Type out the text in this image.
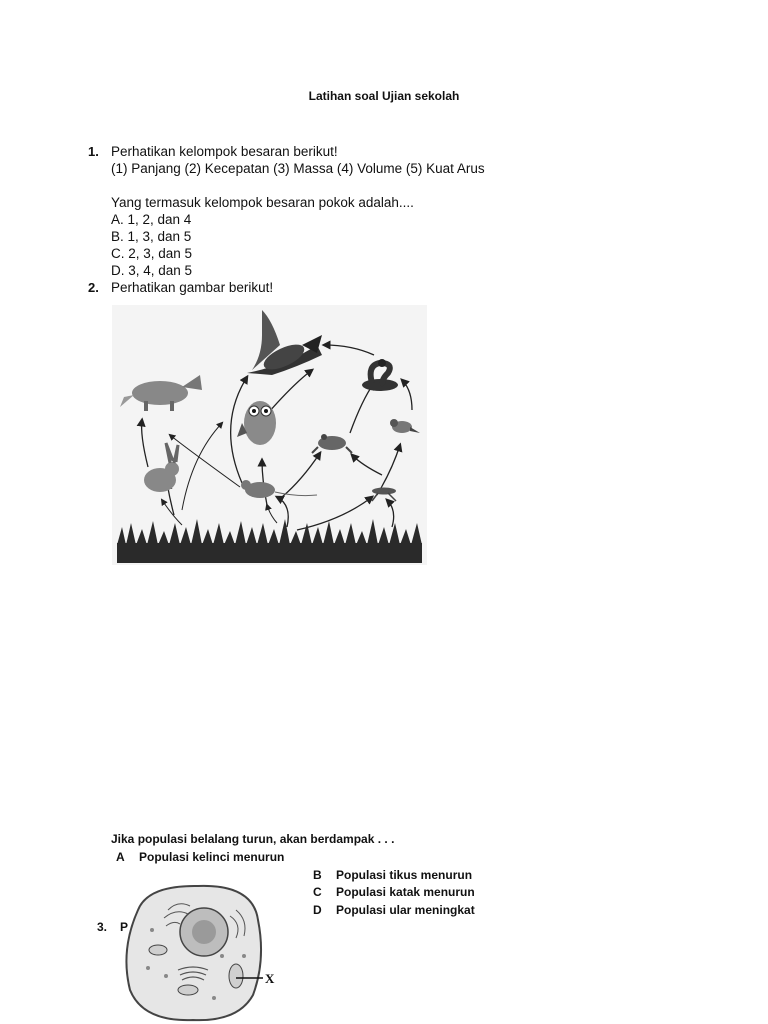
Latihan soal Ujian sekolah
1. Perhatikan kelompok besaran berikut!
(1) Panjang (2) Kecepatan (3) Massa (4) Volume (5) Kuat Arus
Yang termasuk kelompok besaran pokok adalah....
A. 1, 2, dan 4
B. 1, 3, dan 5
C. 2, 3, dan 5
D. 3, 4, dan 5
2. Perhatikan gambar berikut!
Jika populasi belalang turun, akan berdampak . . .
A Populasi kelinci menurun
B Populasi tikus menurun
C Populasi katak menurun
D Populasi ular meningkat
3. P
X
